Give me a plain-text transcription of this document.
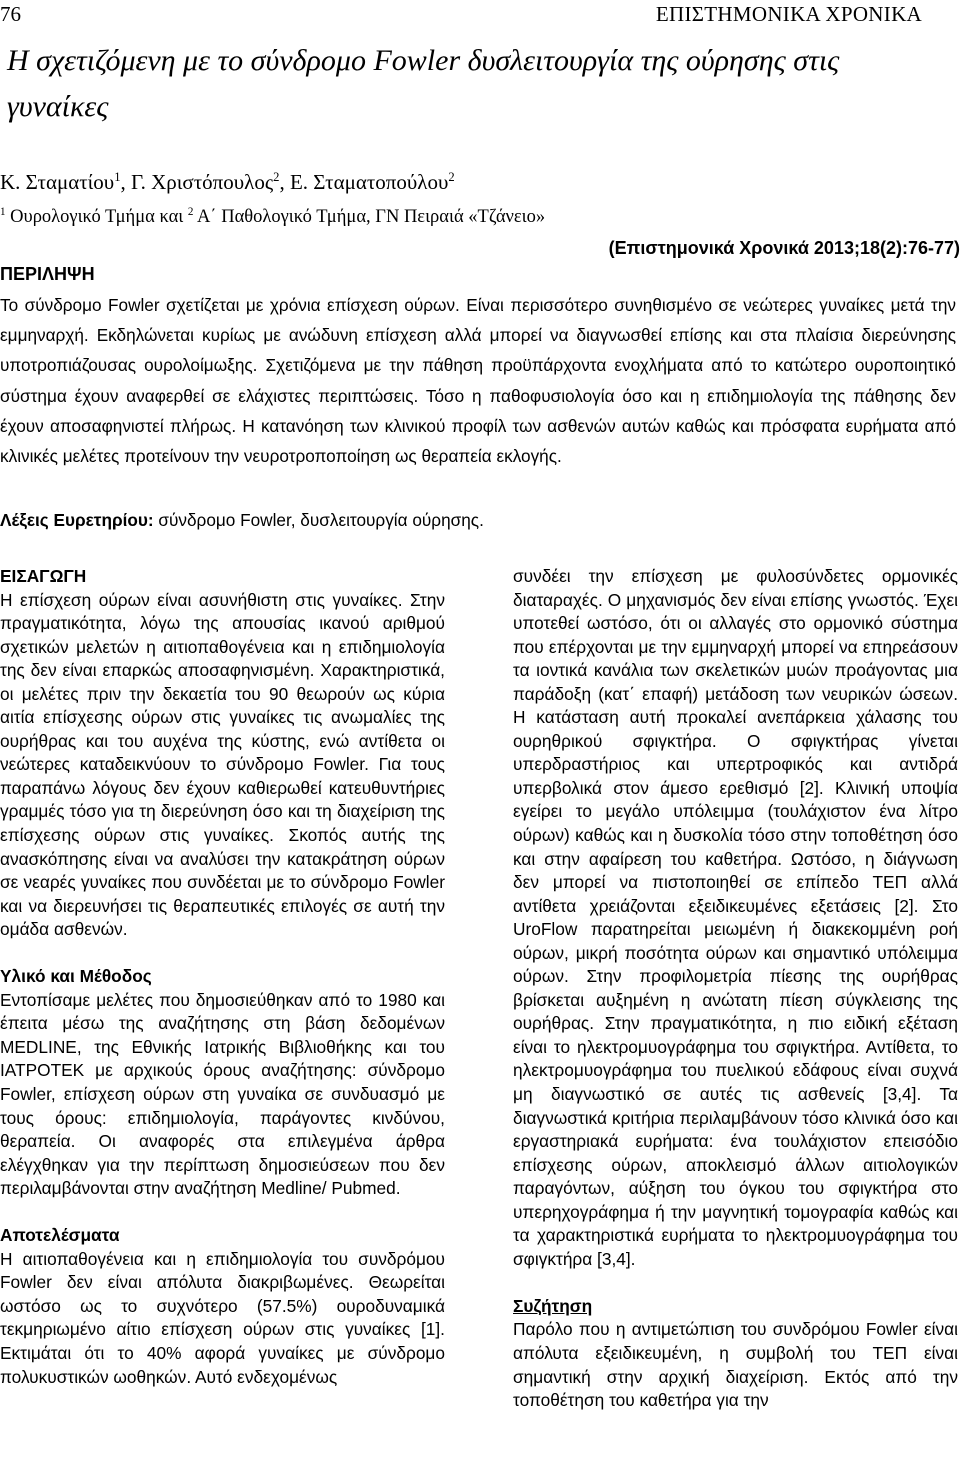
76	ΕΠΙΣΤΗΜΟΝΙΚΑ ΧΡΟΝΙΚΑ
Η σχετιζόμενη με το σύνδρομο Fowler δυσλειτουργία της ούρησης στις γυναίκες
Κ. Σταματίου$^1$, Γ. Χριστόπουλος$^2$, Ε. Σταματοπούλου$^2$
$^1$ Ουρολογικό Τμήμα και $^2$ Α΄ Παθολογικό Τμήμα, ΓΝ Πειραιά «Τζάνειο»
(Επιστημονικά Χρονικά 2013;18(2):76-77)
ΠΕΡΙΛΗΨΗ

Το σύνδρομο Fowler σχετίζεται με χρόνια επίσχεση ούρων. Είναι περισσότερο συνηθισμένο σε νεώτερες γυναίκες μετά την εμμηναρχή. Εκδηλώνεται κυρίως με ανώδυνη επίσχεση αλλά μπορεί να διαγνωσθεί επίσης και στα πλαίσια διερεύνησης υποτροπιάζουσας ουρολοίμωξης. Σχετιζόμενα με την πάθηση προϋπάρχοντα ενοχλήματα από το κατώτερο ουροποιητικό σύστημα έχουν αναφερθεί σε ελάχιστες περιπτώσεις. Τόσο η παθοφυσιολογία όσο και η επιδημιολογία της πάθησης δεν έχουν αποσαφηνιστεί πλήρως. Η κατανόηση των κλινικού προφίλ των ασθενών αυτών καθώς και πρόσφατα ευρήματα από κλινικές μελέτες προτείνουν την νευροτροποποίηση ως θεραπεία εκλογής.

Λέξεις Ευρετηρίου: σύνδρομο Fowler, δυσλειτουργία ούρησης.

ΕΙΣΑΓΩΓΗ

Η επίσχεση ούρων είναι ασυνήθιστη στις γυναίκες. Στην πραγματικότητα, λόγω της απουσίας ικανού αριθμού σχετικών μελετών η αιτιοπαθογένεια και η επιδημιολογία της δεν είναι επαρκώς αποσαφηνισμένη. Χαρακτηριστικά, οι μελέτες πριν την δεκαετία του 90 θεωρούν ως κύρια αιτία επίσχεσης ούρων στις γυναίκες τις ανωμαλίες της ουρήθρας και του αυχένα της κύστης, ενώ αντίθετα οι νεώτερες καταδεικνύουν το σύνδρομο Fowler. Για τους παραπάνω λόγους δεν έχουν καθιερωθεί κατευθυντήριες γραμμές τόσο για τη διερεύνηση όσο και τη διαχείριση της επίσχεσης ούρων στις γυναίκες. Σκοπός αυτής της ανασκόπησης είναι να αναλύσει την κατακράτηση ούρων σε νεαρές γυναίκες που συνδέεται με το σύνδρομο Fowler και να διερευνήσει τις θεραπευτικές επιλογές σε αυτή την ομάδα ασθενών.

Υλικό και Μέθοδος

Εντοπίσαμε μελέτες που δημοσιεύθηκαν από το 1980 και έπειτα μέσω της αναζήτησης στη βάση δεδομένων MEDLINE, της Εθνικής Ιατρικής Βιβλιοθήκης και του ΙΑΤΡΟΤΕΚ με αρχικούς όρους αναζήτησης: σύνδρομο Fowler, επίσχεση ούρων στη γυναίκα σε συνδυασμό με τους όρους: επιδημιολογία, παράγοντες κινδύνου, θεραπεία. Οι αναφορές στα επιλεγμένα άρθρα ελέγχθηκαν για την περίπτωση δημοσιεύσεων που δεν περιλαμβάνονται στην αναζήτηση Medline/ Pubmed.

Αποτελέσματα

Η αιτιοπαθογένεια και η επιδημιολογία του συνδρόμου Fowler δεν είναι απόλυτα διακριβωμένες. Θεωρείται ωστόσο ως το συχνότερο (57.5%) ουροδυναμικά τεκμηριωμένο αίτιο επίσχεση ούρων στις γυναίκες [1]. Εκτιμάται ότι το 40% αφορά γυναίκες με σύνδρομο πολυκυστικών ωοθηκών. Αυτό ενδεχομένως

συνδέει την επίσχεση με φυλοσύνδετες ορμονικές διαταραχές. Ο μηχανισμός δεν είναι επίσης γνωστός. Έχει υποτεθεί ωστόσο, ότι οι αλλαγές στο ορμονικό σύστημα που επέρχονται με την εμμηναρχή μπορεί να επηρεάσουν τα ιοντικά κανάλια των σκελετικών μυών προάγοντας μια παράδοξη (κατ΄ επαφή) μετάδοση των νευρικών ώσεων. Η κατάσταση αυτή προκαλεί ανεπάρκεια χάλασης του ουρηθρικού σφιγκτήρα. Ο σφιγκτήρας γίνεται υπερδραστήριος και υπερτροφικός και αντιδρά υπερβολικά στον άμεσο ερεθισμό [2]. Κλινική υποψία εγείρει το μεγάλο υπόλειμμα (τουλάχιστον ένα λίτρο ούρων) καθώς και η δυσκολία τόσο στην τοποθέτηση όσο και στην αφαίρεση του καθετήρα. Ωστόσο, η διάγνωση δεν μπορεί να πιστοποιηθεί σε επίπεδο ΤΕΠ αλλά αντίθετα χρειάζονται εξειδικευμένες εξετάσεις [2]. Στο UroFlow παρατηρείται μειωμένη ή διακεκομμένη ροή ούρων, μικρή ποσότητα ούρων και σημαντικό υπόλειμμα ούρων. Στην προφιλομετρία πίεσης της ουρήθρας βρίσκεται αυξημένη η ανώτατη πίεση σύγκλεισης της ουρήθρας. Στην πραγματικότητα, η πιο ειδική εξέταση είναι το ηλεκτρομυογράφημα του σφιγκτήρα. Αντίθετα, το ηλεκτρομυογράφημα του πυελικού εδάφους είναι συχνά μη διαγνωστικό σε αυτές τις ασθενείς [3,4]. Τα διαγνωστικά κριτήρια περιλαμβάνουν τόσο κλινικά όσο και εργαστηριακά ευρήματα: ένα τουλάχιστον επεισόδιο επίσχεσης ούρων, αποκλεισμό άλλων αιτιολογικών παραγόντων, αύξηση του όγκου του σφιγκτήρα στο υπερηχογράφημα ή την μαγνητική τομογραφία καθώς και τα χαρακτηριστικά ευρήματα το ηλεκτρομυογράφημα του σφιγκτήρα [3,4].

Συζήτηση

Παρόλο που η αντιμετώπιση του συνδρόμου Fowler είναι απόλυτα εξειδικευμένη, η συμβολή του ΤΕΠ είναι σημαντική στην αρχική διαχείριση. Εκτός από την τοποθέτηση του καθετήρα για την
